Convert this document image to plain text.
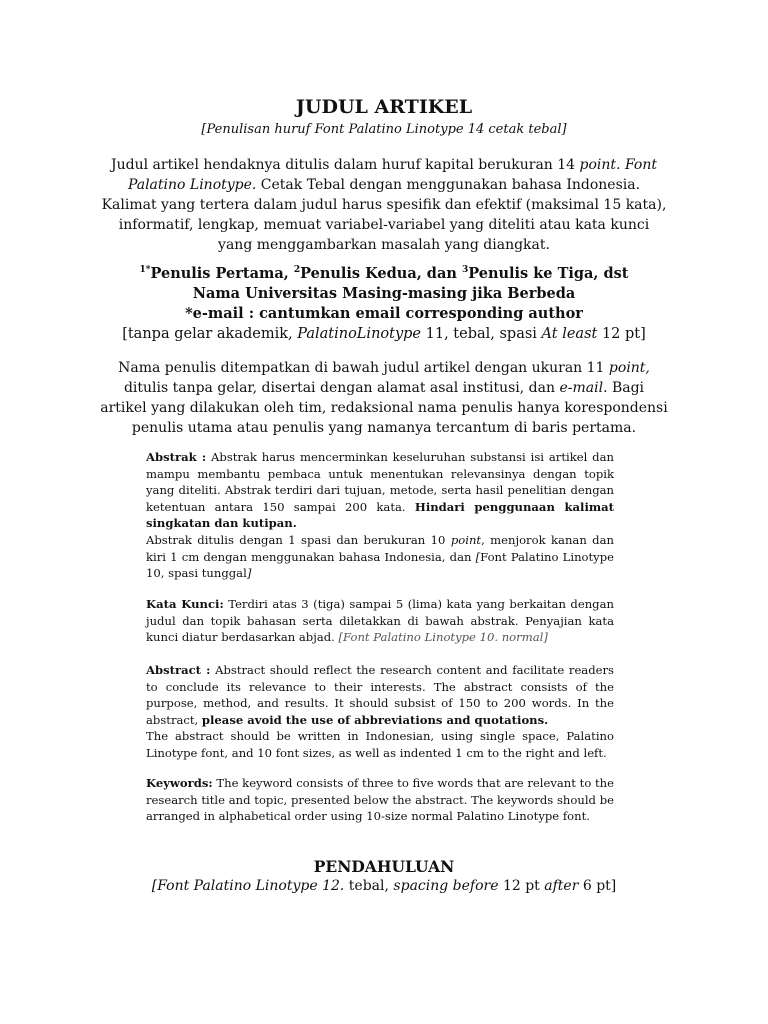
JUDUL ARTIKEL
[Penulisan huruf Font Palatino Linotype 14 cetak tebal]
Judul artikel hendaknya ditulis dalam huruf kapital berukuran 14 point. Font Palatino Linotype. Cetak Tebal dengan menggunakan bahasa Indonesia. Kalimat yang tertera dalam judul harus spesifik dan efektif (maksimal 15 kata), informatif, lengkap, memuat variabel-variabel yang diteliti atau kata kunci yang menggambarkan masalah yang diangkat.
$^{1*}$Penulis Pertama, $^2$Penulis Kedua, dan $^3$Penulis ke Tiga, dst
Nama Universitas Masing-masing jika Berbeda
*e-mail : cantumkan email corresponding author
[tanpa gelar akademik, PalatinoLinotype 11, tebal, spasi At least 12 pt]
Nama penulis ditempatkan di bawah judul artikel dengan ukuran 11 point, ditulis tanpa gelar, disertai dengan alamat asal institusi, dan e-mail. Bagi artikel yang dilakukan oleh tim, redaksional nama penulis hanya korespondensi penulis utama atau penulis yang namanya tercantum di baris pertama.
Abstrak : Abstrak harus mencerminkan keseluruhan substansi isi artikel dan mampu membantu pembaca untuk menentukan relevansinya dengan topik yang diteliti. Abstrak terdiri dari tujuan, metode, serta hasil penelitian dengan ketentuan antara 150 sampai 200 kata. Hindari penggunaan kalimat singkatan dan kutipan.
Abstrak ditulis dengan 1 spasi dan berukuran 10 point, menjorok kanan dan kiri 1 cm dengan menggunakan bahasa Indonesia, dan [Font Palatino Linotype 10, spasi tunggal]
Kata Kunci: Terdiri atas 3 (tiga) sampai 5 (lima) kata yang berkaitan dengan judul dan topik bahasan serta diletakkan di bawah abstrak. Penyajian kata kunci diatur berdasarkan abjad. [Font Palatino Linotype 10. normal]
Abstract : Abstract should reflect the research content and facilitate readers to conclude its relevance to their interests. The abstract consists of the purpose, method, and results. It should subsist of 150 to 200 words. In the abstract, please avoid the use of abbreviations and quotations.
The abstract should be written in Indonesian, using single space, Palatino Linotype font, and 10 font sizes, as well as indented 1 cm to the right and left.
Keywords: The keyword consists of three to five words that are relevant to the research title and topic, presented below the abstract. The keywords should be arranged in alphabetical order using 10-size normal Palatino Linotype font.
PENDAHULUAN
[Font Palatino Linotype 12. tebal, spacing before 12 pt after 6 pt]
